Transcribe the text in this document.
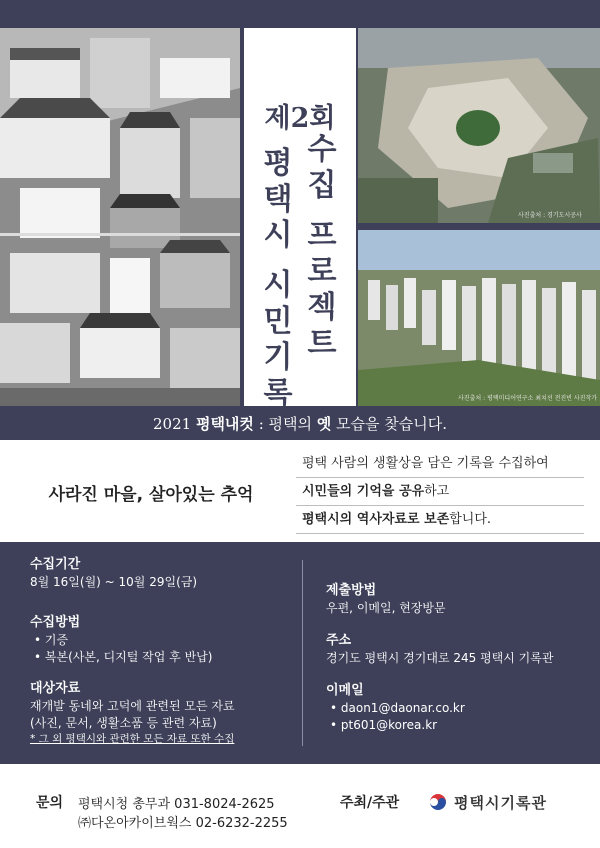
제2회
평
택
시
시
민
기
록
수
집
프
로
젝
트
사진출처 : 경기도시공사
사진출처 : 평택미디어연구소 최치선 전진빈 사진작가
2021 평택내컷 : 평택의 옛 모습을 찾습니다.
사라진 마을, 살아있는 추억
평택 사람의 생활상을 담은 기록을 수집하여
시민들의 기억을 공유하고
평택시의 역사자료로 보존합니다.
수집기간
8월 16일(월) ~ 10월 29일(금)
수집방법
• 기증
• 복본(사본, 디지털 작업 후 반납)
대상자료
재개발 동네와 고덕에 관련된 모든 자료
(사진, 문서, 생활소품 등 관련 자료)
* 그 외 평택시와 관련한 모든 자료 또한 수집
제출방법
우편, 이메일, 현장방문
주소
경기도 평택시 경기대로 245 평택시 기록관
이메일
• daon1@daonar.co.kr
• pt601@korea.kr
문의 평택시청 총무과 031-8024-2625
㈜다온아카이브웍스 02-6232-2255
주최/주관	평택시기록관
